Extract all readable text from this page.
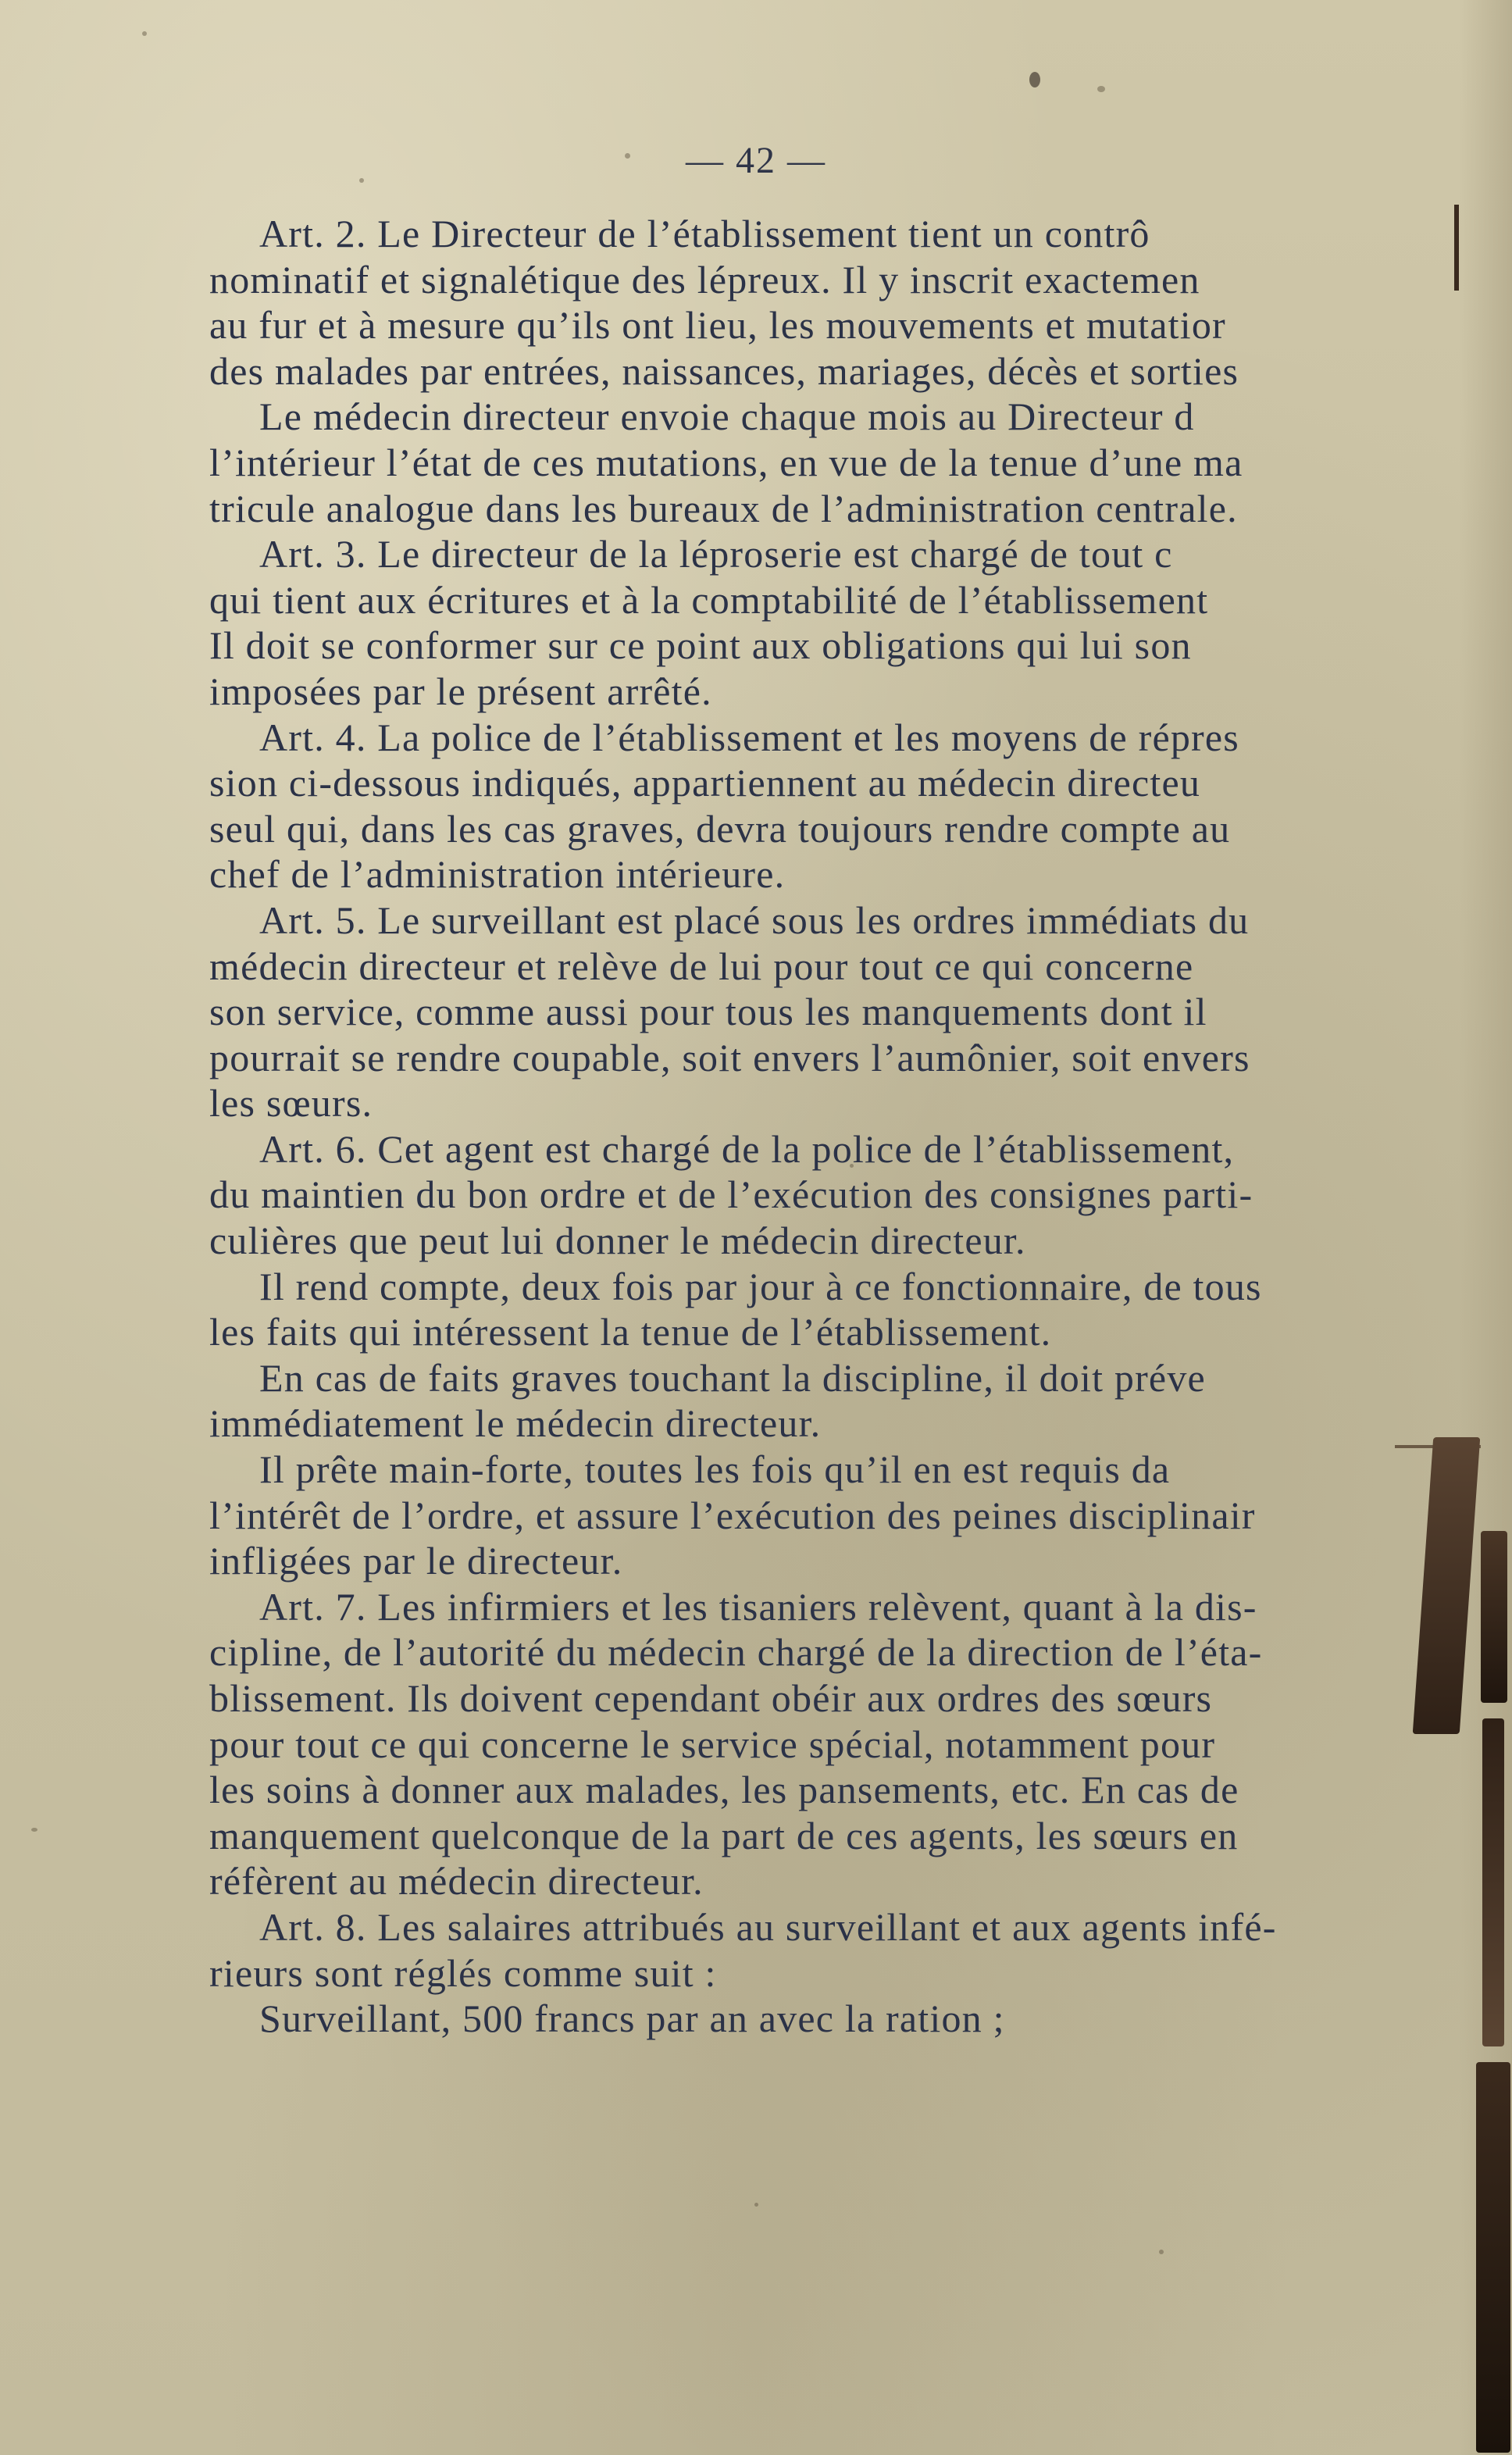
— 42 —
Art. 2. Le Directeur de l’établissement tient un contrô
nominatif et signalétique des lépreux. Il y inscrit exactemen
au fur et à mesure qu’ils ont lieu, les mouvements et mutatior
des malades par entrées, naissances, mariages, décès et sorties
Le médecin directeur envoie chaque mois au Directeur d
l’intérieur l’état de ces mutations, en vue de la tenue d’une ma
tricule analogue dans les bureaux de l’administration centrale.
Art. 3. Le directeur de la léproserie est chargé de tout c
qui tient aux écritures et à la comptabilité de l’établissement
Il doit se conformer sur ce point aux obligations qui lui son
imposées par le présent arrêté.
Art. 4. La police de l’établissement et les moyens de répres
sion ci-dessous indiqués, appartiennent au médecin directeu
seul qui, dans les cas graves, devra toujours rendre compte au
chef de l’administration intérieure.
Art. 5. Le surveillant est placé sous les ordres immédiats du
médecin directeur et relève de lui pour tout ce qui concerne
son service, comme aussi pour tous les manquements dont il
pourrait se rendre coupable, soit envers l’aumônier, soit envers
les sœurs.
Art. 6. Cet agent est chargé de la police de l’établissement,
du maintien du bon ordre et de l’exécution des consignes parti-
culières que peut lui donner le médecin directeur.
Il rend compte, deux fois par jour à ce fonctionnaire, de tous
les faits qui intéressent la tenue de l’établissement.
En cas de faits graves touchant la discipline, il doit préve
immédiatement le médecin directeur.
Il prête main-forte, toutes les fois qu’il en est requis da
l’intérêt de l’ordre, et assure l’exécution des peines disciplinair
infligées par le directeur.
Art. 7. Les infirmiers et les tisaniers relèvent, quant à la dis-
cipline, de l’autorité du médecin chargé de la direction de l’éta-
blissement. Ils doivent cependant obéir aux ordres des sœurs
pour tout ce qui concerne le service spécial, notamment pour
les soins à donner aux malades, les pansements, etc. En cas de
manquement quelconque de la part de ces agents, les sœurs en
réfèrent au médecin directeur.
Art. 8. Les salaires attribués au surveillant et aux agents infé-
rieurs sont réglés comme suit :
Surveillant, 500 francs par an avec la ration ;
